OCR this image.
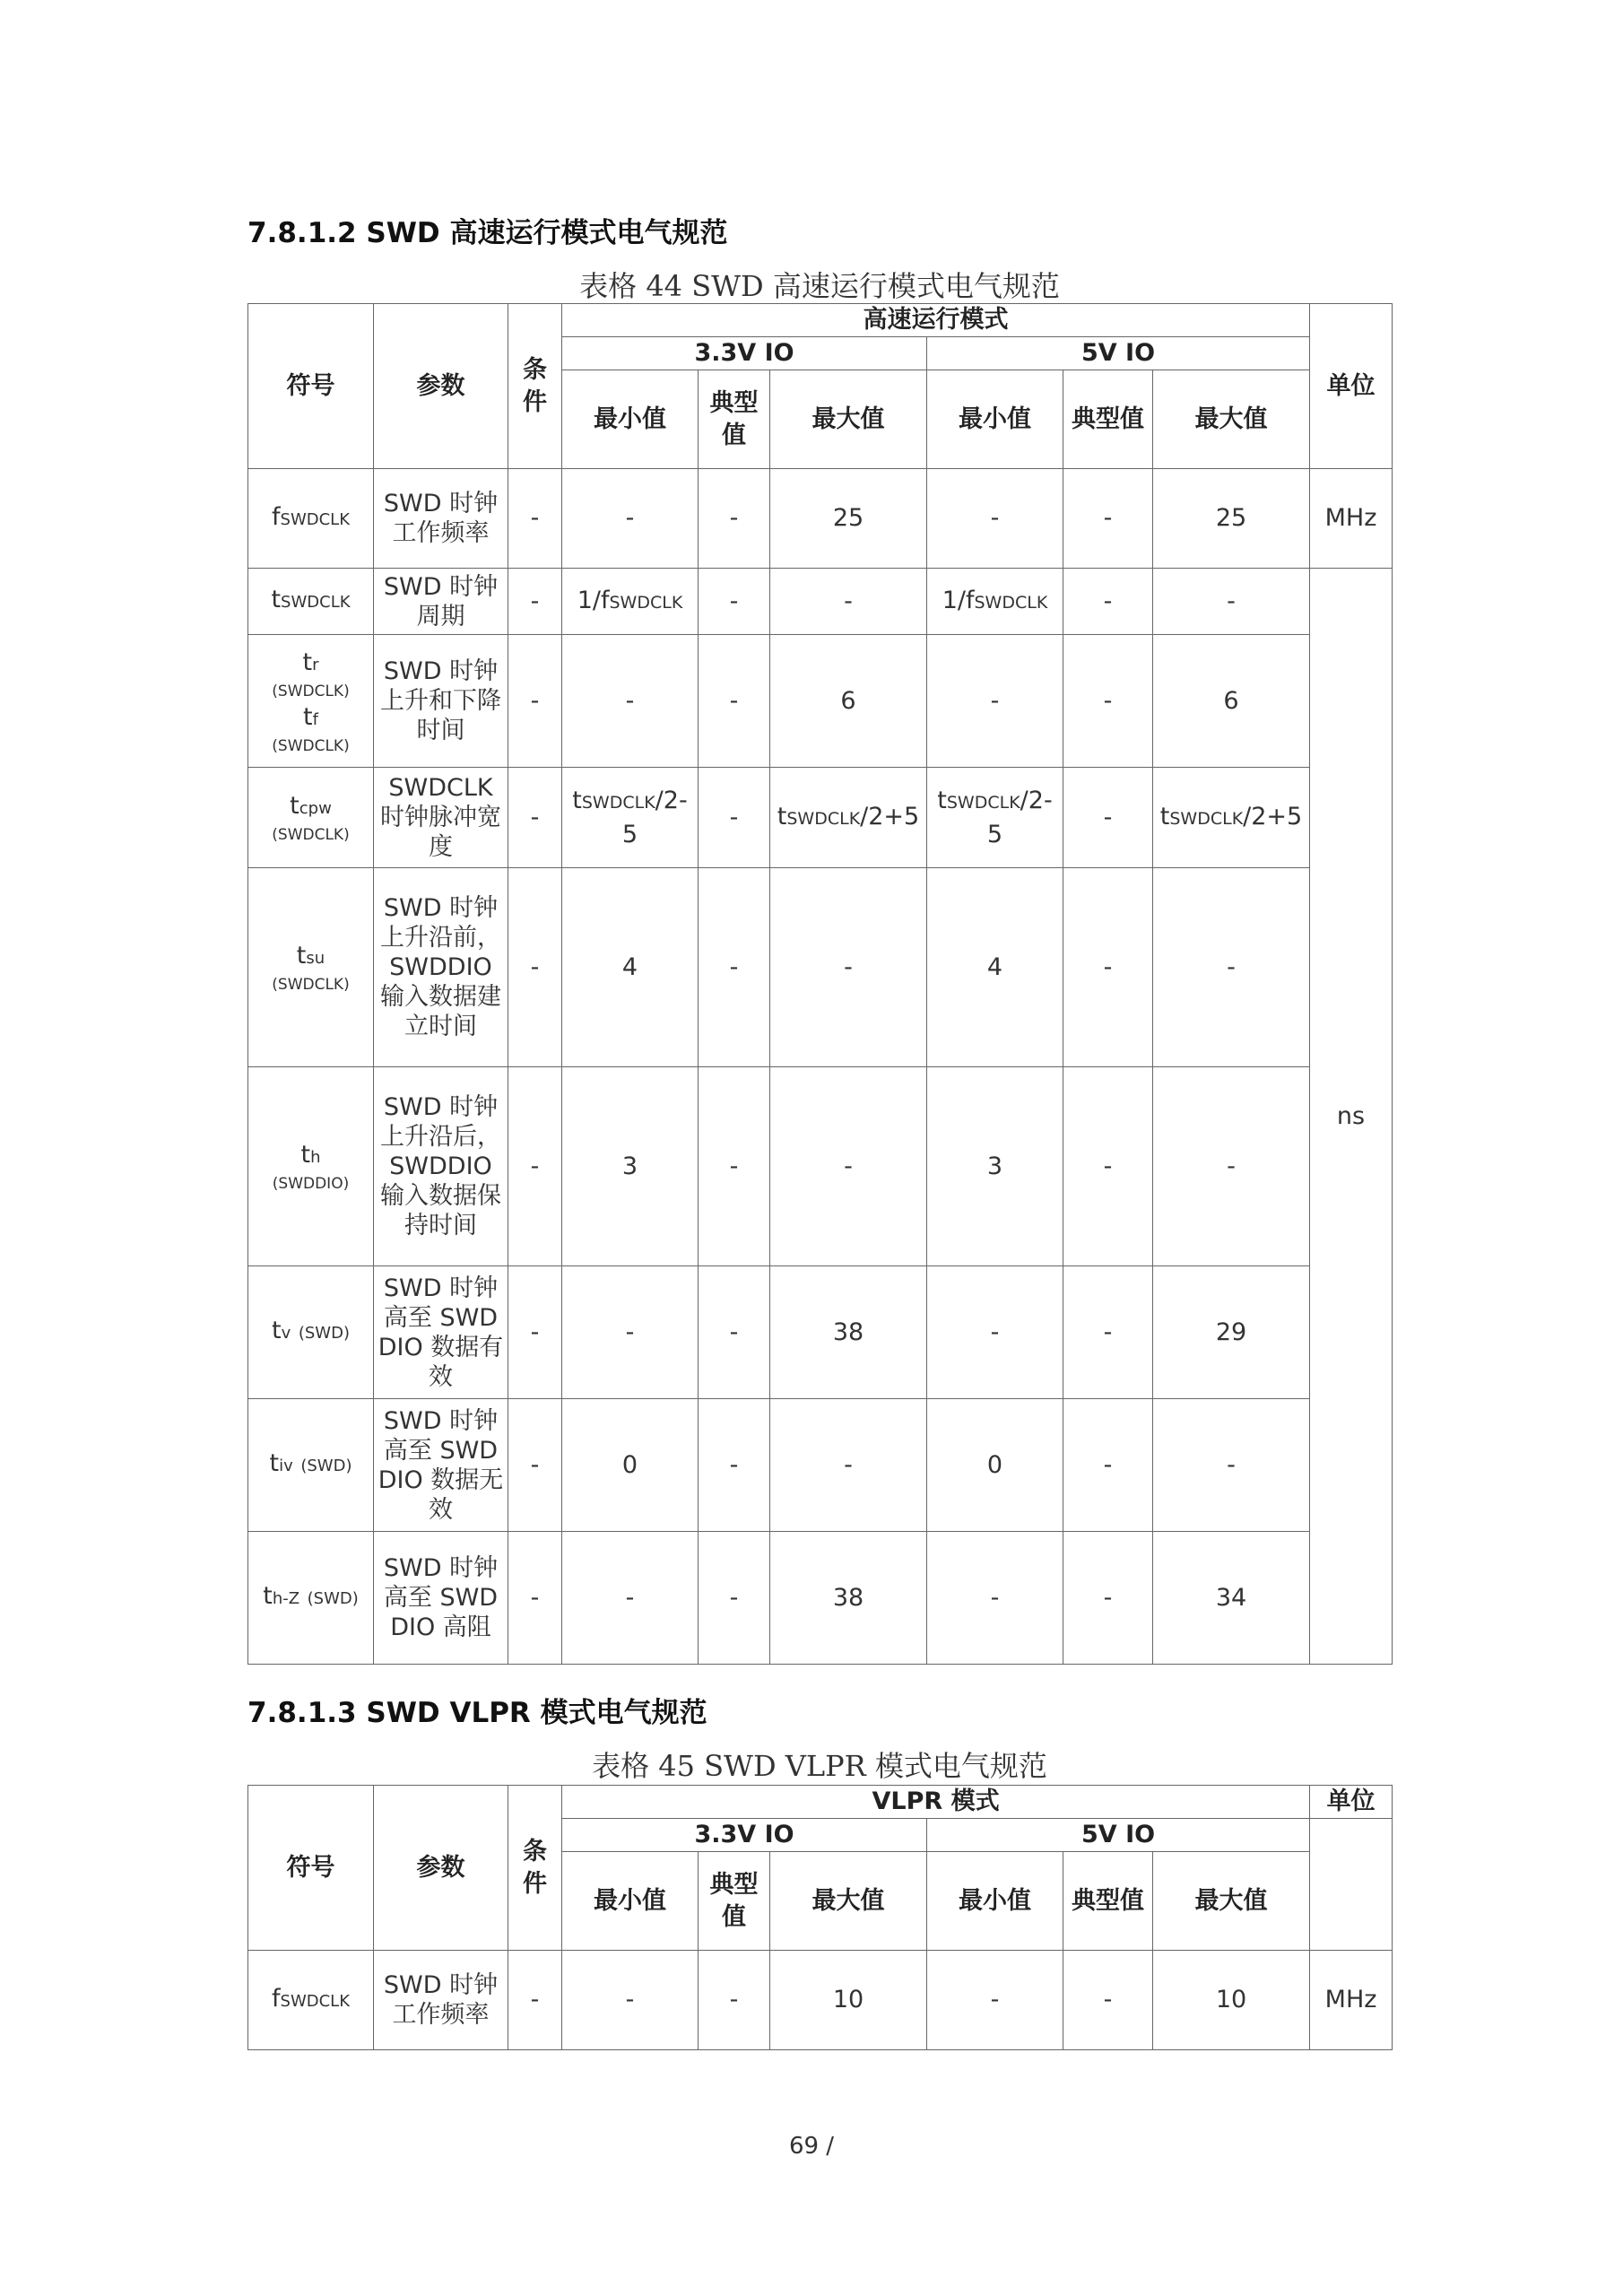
7.8.1.2 SWD 高速运行模式电气规范
表格 44 SWD 高速运行模式电气规范
符号	参数	条件	高速运行模式						单位
			3.3V IO			5V IO			
			最小值	典型值	最大值	最小值	典型值	最大值	
fSWDCLK	SWD 时钟工作频率	-	-	-	25	-	-	25	MHz
tSWDCLK	SWD 时钟周期	-	1/fSWDCLK	-	-	1/fSWDCLK	-	-	ns
tr
(SWDCLK)
tf
(SWDCLK)	SWD 时钟上升和下降时间	-	-	-	6	-	-	6	
tcpw
(SWDCLK)	SWDCLK 时钟脉冲宽度	-	tSWDCLK/2-5	-	tSWDCLK/2+5	tSWDCLK/2-5	-	tSWDCLK/2+5	
tsu
(SWDCLK)	SWD 时钟上升沿前，SWDDIO 输入数据建立时间	-	4	-	-	4	-	-	
th
(SWDDIO)	SWD 时钟上升沿后，SWDDIO 输入数据保持时间	-	3	-	-	3	-	-	
tv (SWD)	SWD 时钟高至 SWDDIO 数据有效	-	-	-	38	-	-	29	
tiv (SWD)	SWD 时钟高至 SWDDIO 数据无效	-	0	-	-	0	-	-	
th-Z (SWD)	SWD 时钟高至 SWDDIO 高阻	-	-	-	38	-	-	34	
7.8.1.3 SWD VLPR 模式电气规范
表格 45 SWD VLPR 模式电气规范
符号	参数	条件	VLPR 模式						单位
			3.3V IO			5V IO			
			最小值	典型值	最大值	最小值	典型值	最大值	
fSWDCLK	SWD 时钟工作频率	-	-	-	10	-	-	10	MHz
69 /
